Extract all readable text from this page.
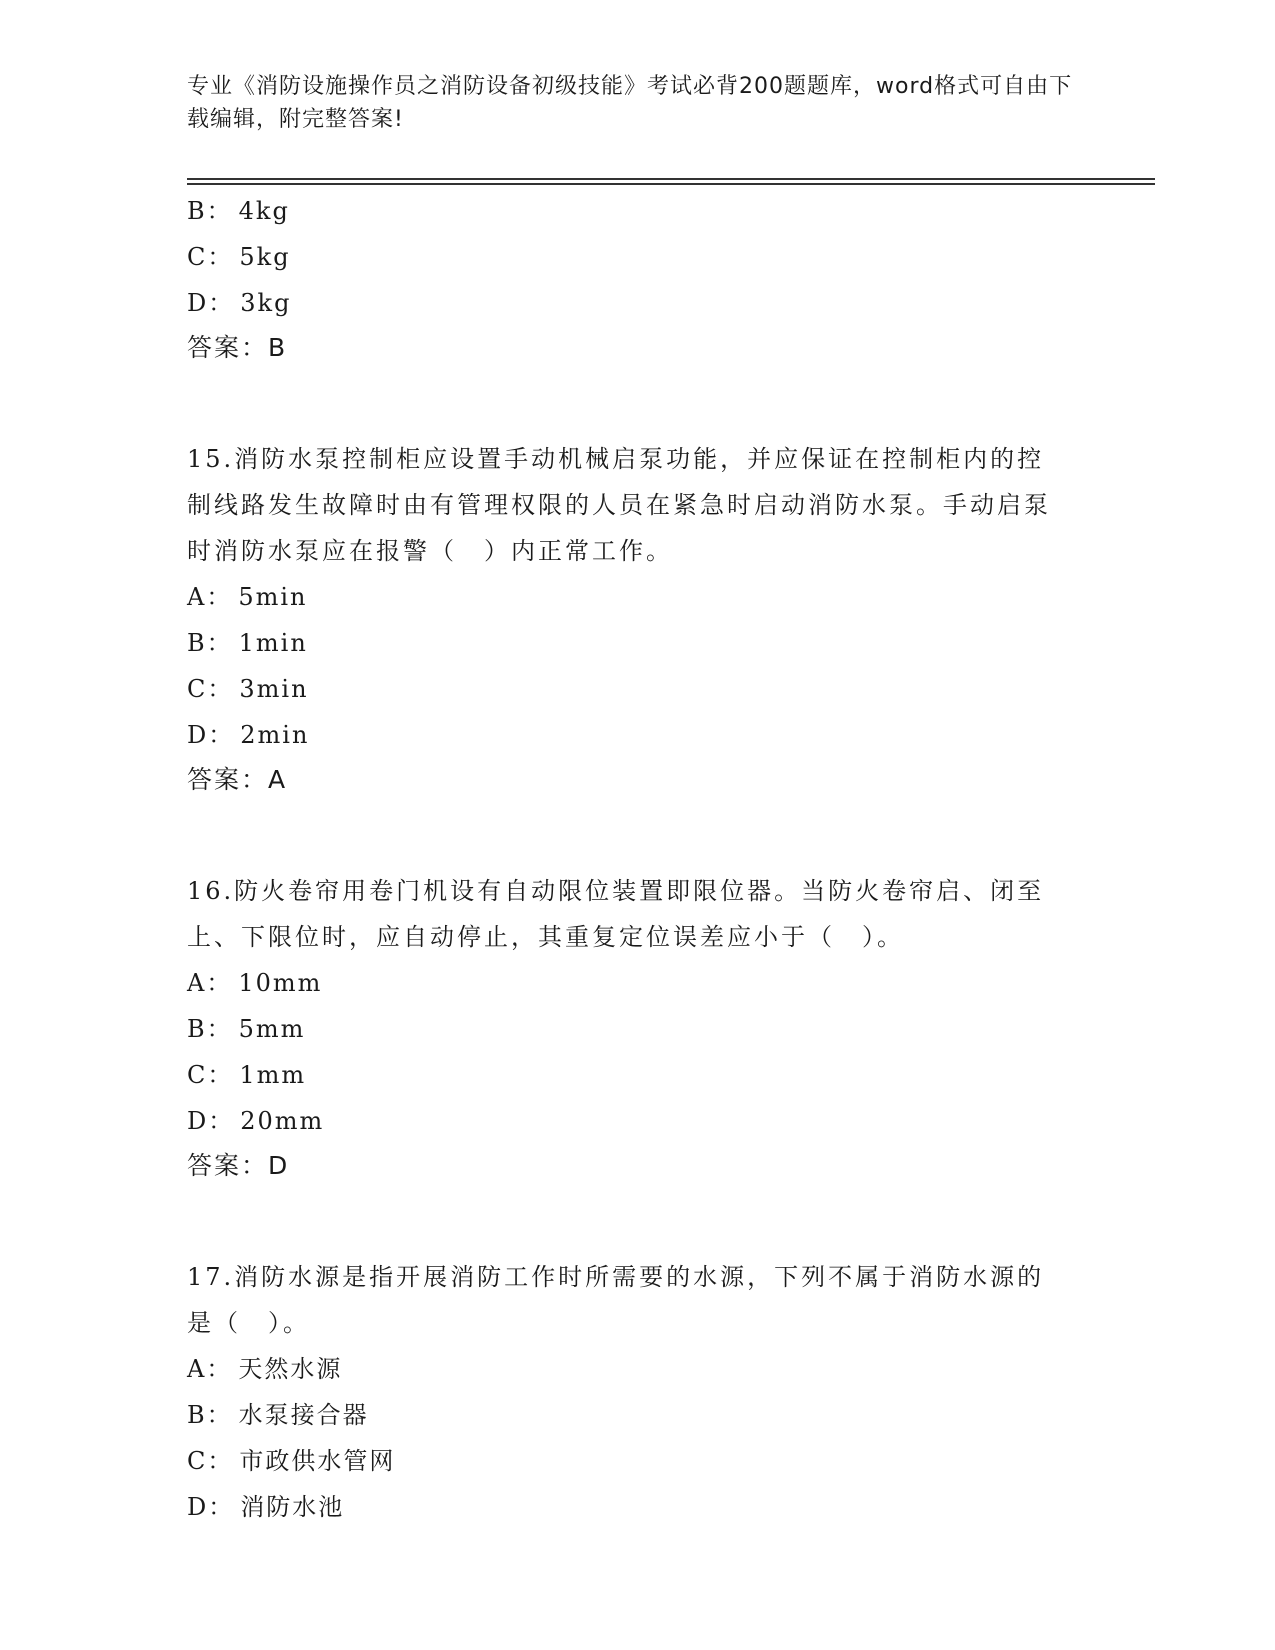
专业《消防设施操作员之消防设备初级技能》考试必背200题题库，word格式可自由下载编辑，附完整答案!
B： 4kg
C： 5kg
D： 3kg
答案：B
15.消防水泵控制柜应设置手动机械启泵功能，并应保证在控制柜内的控制线路发生故障时由有管理权限的人员在紧急时启动消防水泵。手动启泵时消防水泵应在报警（　）内正常工作。
A： 5min
B： 1min
C： 3min
D： 2min
答案：A
16.防火卷帘用卷门机设有自动限位装置即限位器。当防火卷帘启、闭至上、下限位时，应自动停止，其重复定位误差应小于（　）。
A： 10mm
B： 5mm
C： 1mm
D： 20mm
答案：D
17.消防水源是指开展消防工作时所需要的水源，下列不属于消防水源的是（　）。
A： 天然水源
B： 水泵接合器
C： 市政供水管网
D： 消防水池
